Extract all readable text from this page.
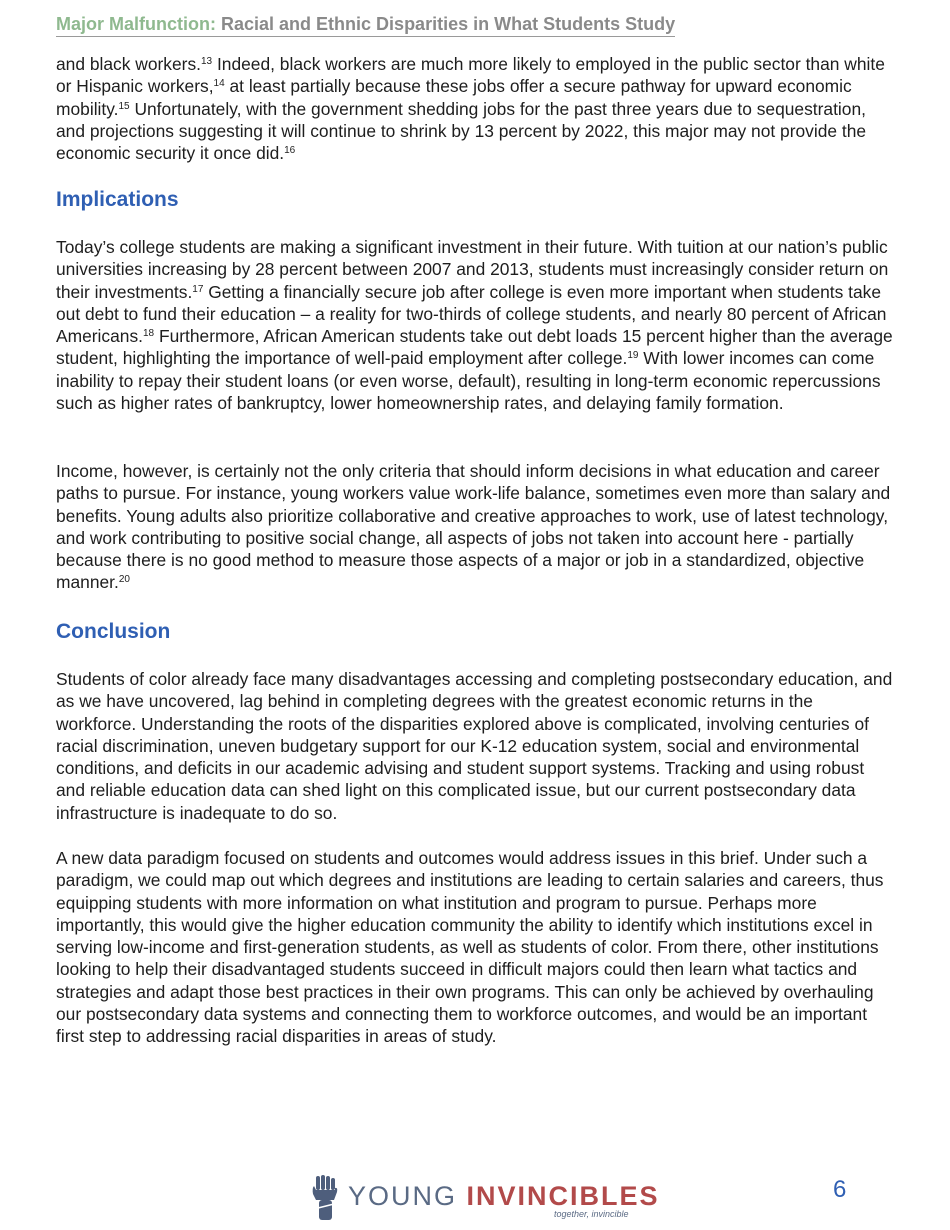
Major Malfunction: Racial and Ethnic Disparities in What Students Study

and black workers.$^{13}$ Indeed, black workers are much more likely to employed in the public sector than white or Hispanic workers,$^{14}$ at least partially because these jobs offer a secure pathway for upward economic mobility.$^{15}$ Unfortunately, with the government shedding jobs for the past three years due to sequestration, and projections suggesting it will continue to shrink by 13 percent by 2022, this major may not provide the economic security it once did.$^{16}$

Implications

Today’s college students are making a significant investment in their future. With tuition at our nation’s public universities increasing by 28 percent between 2007 and 2013, students must increasingly consider return on their investments.$^{17}$ Getting a financially secure job after college is even more important when students take out debt to fund their education – a reality for two-thirds of college students, and nearly 80 percent of African Americans.$^{18}$ Furthermore, African American students take out debt loads 15 percent higher than the average student, highlighting the importance of well-paid employment after college.$^{19}$ With lower incomes can come inability to repay their student loans (or even worse, default), resulting in long-term economic repercussions such as higher rates of bankruptcy, lower homeownership rates, and delaying family formation.

Income, however, is certainly not the only criteria that should inform decisions in what education and career paths to pursue. For instance, young workers value work-life balance, sometimes even more than salary and benefits. Young adults also prioritize collaborative and creative approaches to work, use of latest technology, and work contributing to positive social change, all aspects of jobs not taken into account here - partially because there is no good method to measure those aspects of a major or job in a standardized, objective manner.$^{20}$

Conclusion

Students of color already face many disadvantages accessing and completing postsecondary education, and as we have uncovered, lag behind in completing degrees with the greatest economic returns in the workforce. Understanding the roots of the disparities explored above is complicated, involving centuries of racial discrimination, uneven budgetary support for our K-12 education system, social and environmental conditions, and deficits in our academic advising and student support systems. Tracking and using robust and reliable education data can shed light on this complicated issue, but our current postsecondary data infrastructure is inadequate to do so.

A new data paradigm focused on students and outcomes would address issues in this brief. Under such a paradigm, we could map out which degrees and institutions are leading to certain salaries and careers, thus equipping students with more information on what institution and program to pursue. Perhaps more importantly, this would give the higher education community the ability to identify which institutions excel in serving low-income and first-generation students, as well as students of color. From there, other institutions looking to help their disadvantaged students succeed in difficult majors could then learn what tactics and strategies and adapt those best practices in their own programs. This can only be achieved by overhauling our postsecondary data systems and connecting them to workforce outcomes, and would be an important first step to addressing racial disparities in areas of study.

YOUNG INVINCIBLES
together, invincible
6
